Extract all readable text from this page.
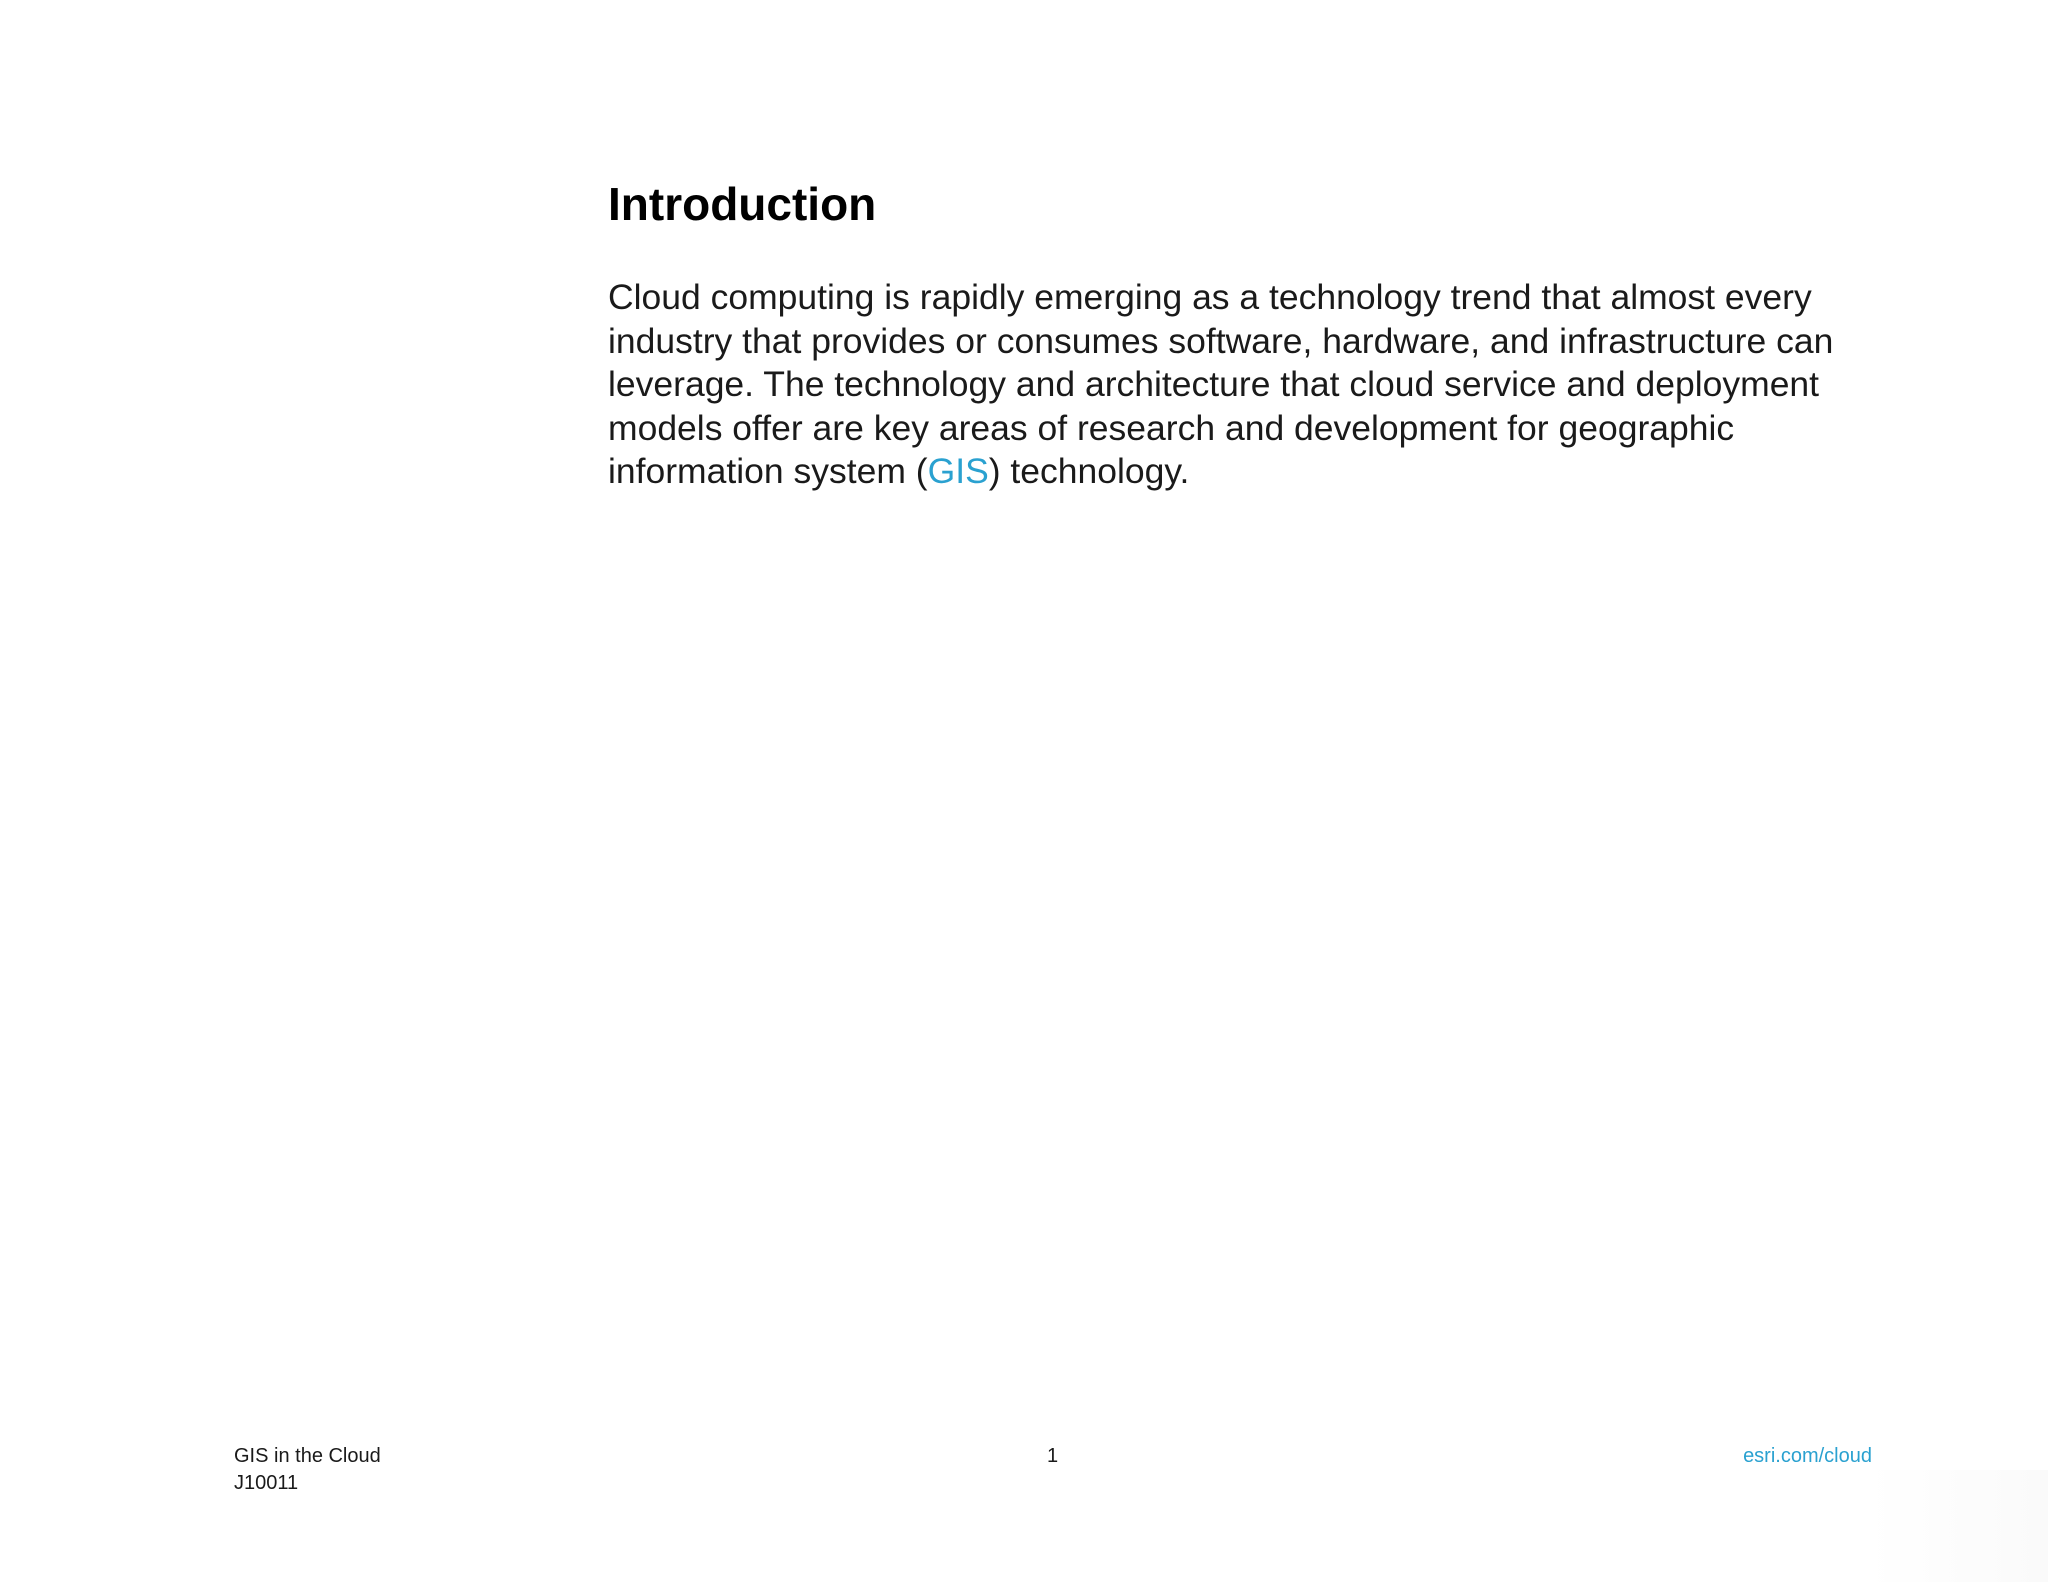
Introduction

Cloud computing is rapidly emerging as a technology trend that almost every
industry that provides or consumes software, hardware, and infrastructure can
leverage. The technology and architecture that cloud service and deployment
models offer are key areas of research and development for geographic
information system (GIS) technology.

GIS in the Cloud
J10011
1	esri.com/cloud
